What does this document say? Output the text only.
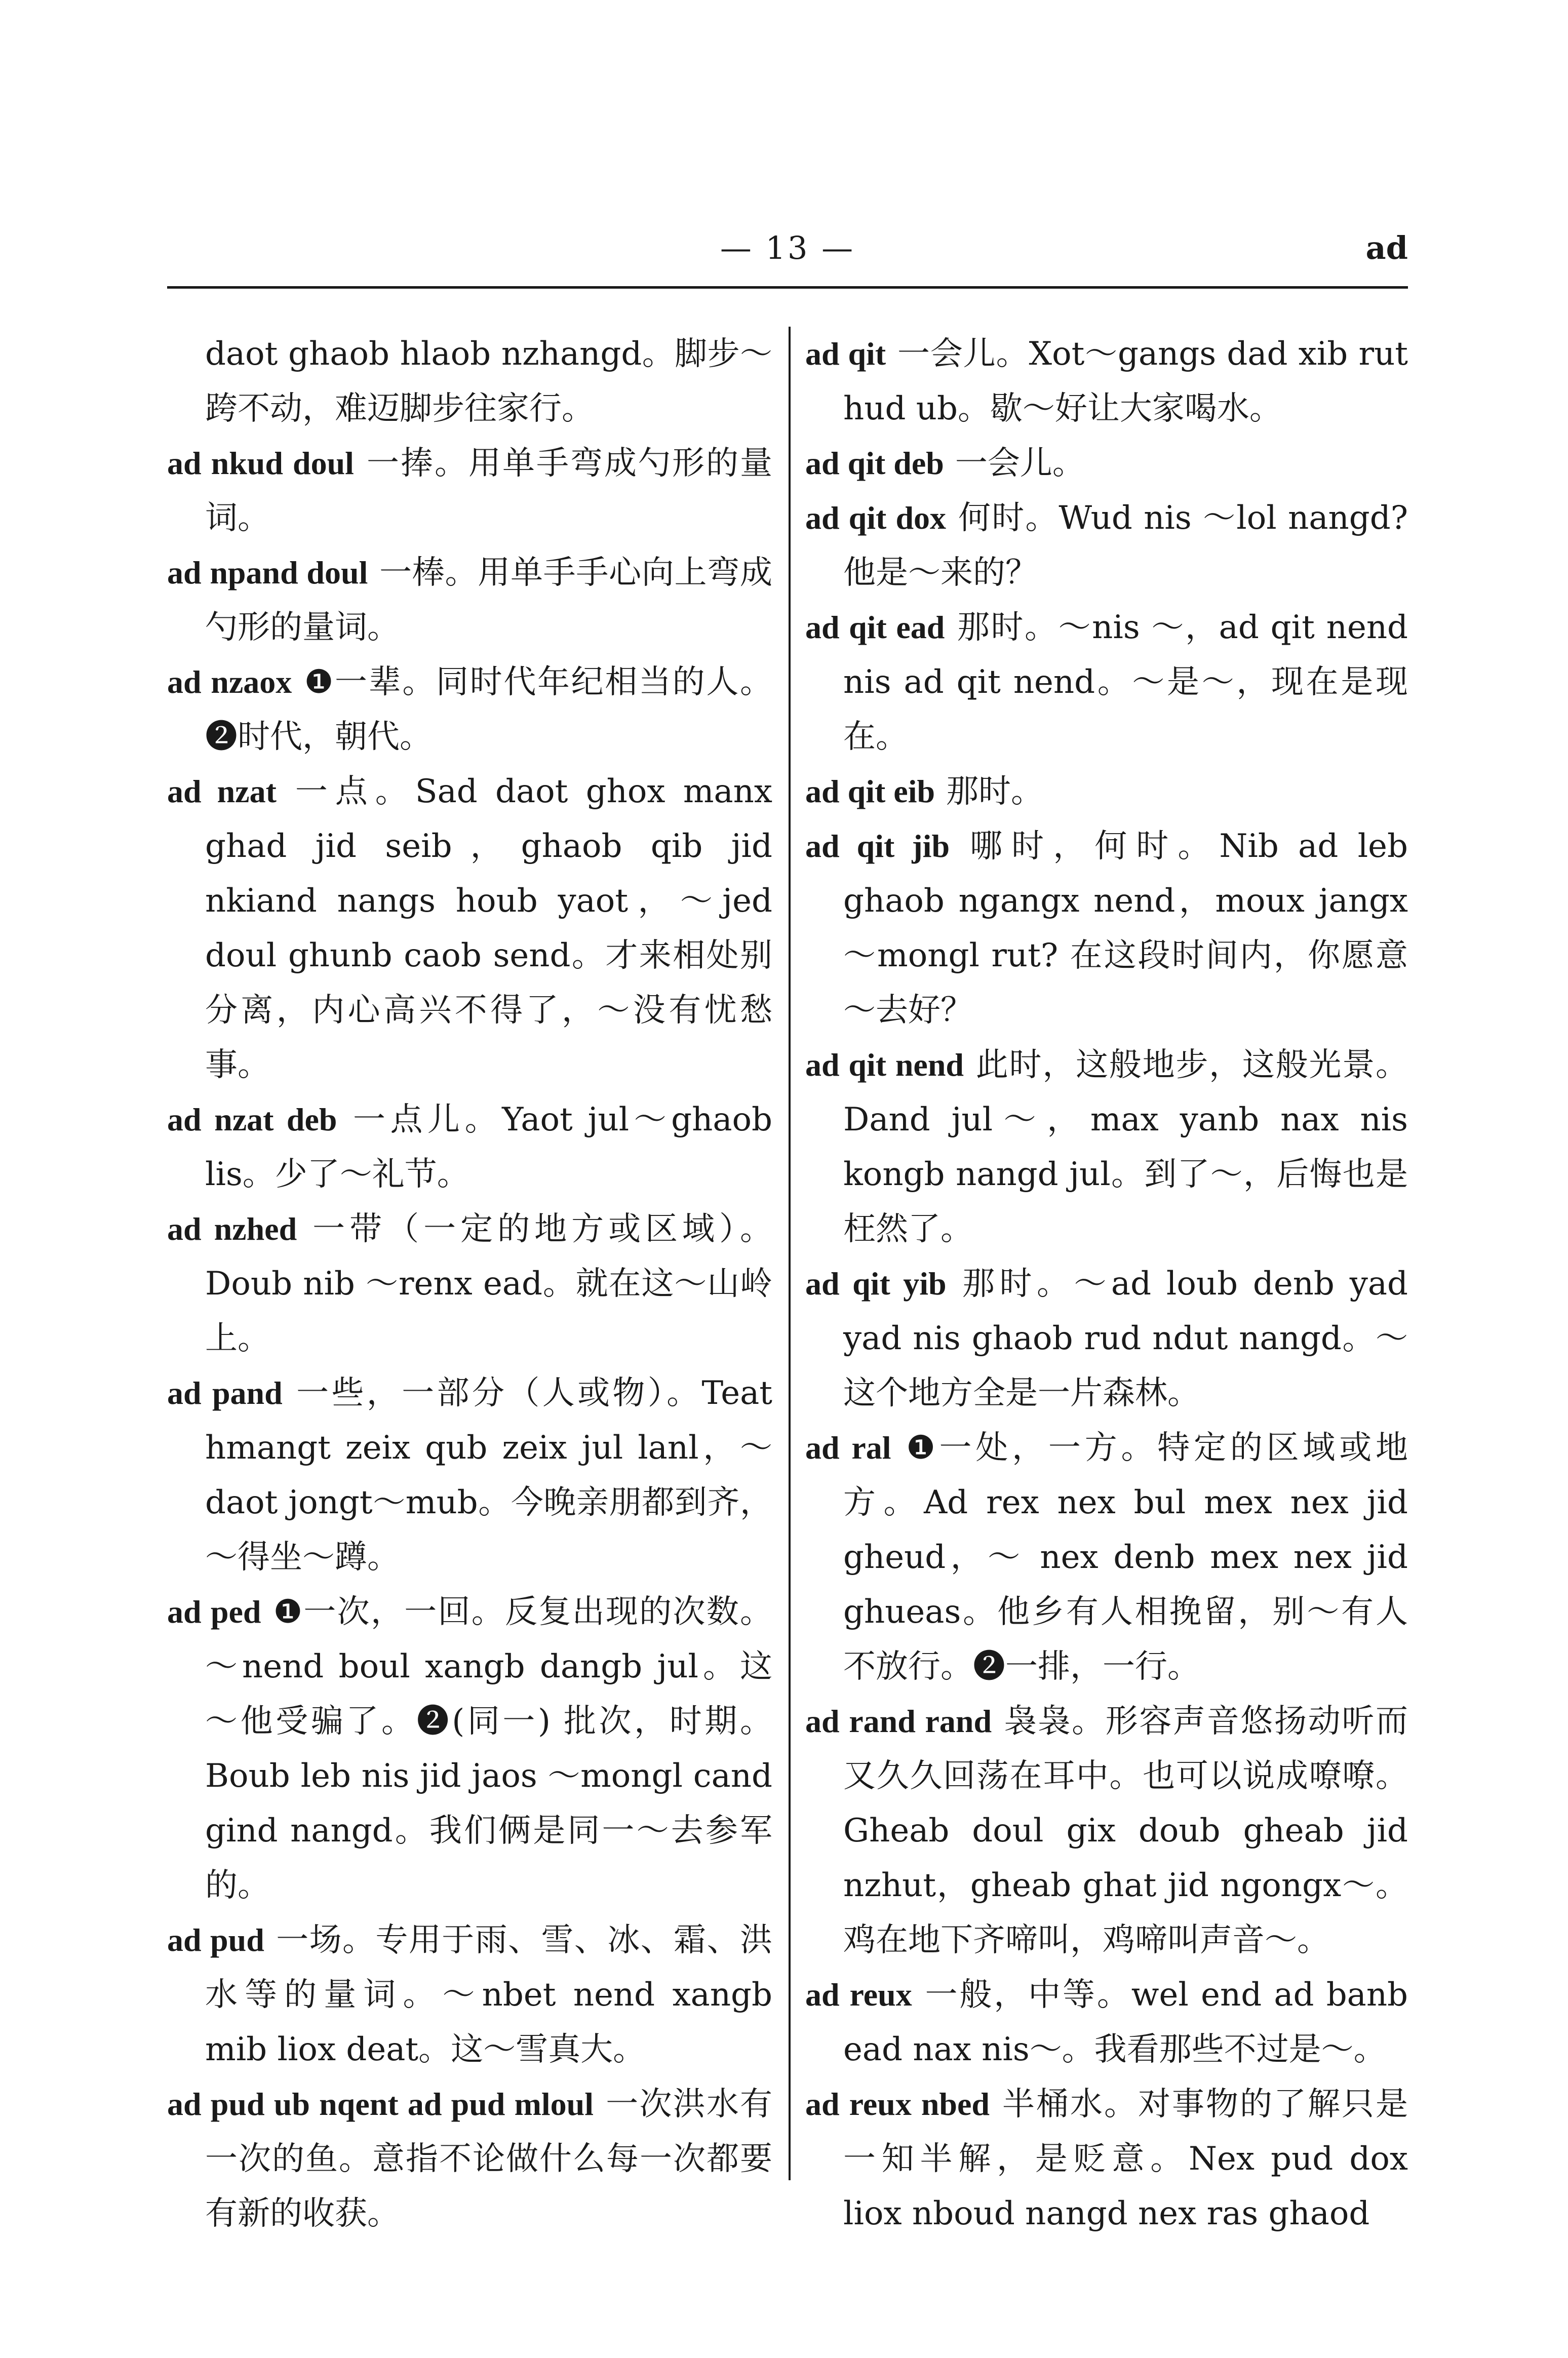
— 13 —	ad

daot ghaob hlaob nzhangd。脚步～跨不动，难迈脚步往家行。

ad nkud doul 一捧。用单手弯成勺形的量词。

ad npand doul 一棒。用单手手心向上弯成勺形的量词。

ad nzaox ❶一辈。同时代年纪相当的人。❷时代，朝代。

ad nzat 一点。Sad daot ghox manx ghad jid seib，ghaob qib jid nkiand nangs houb yaot，～jed doul ghunb caob send。才来相处别分离，内心高兴不得了，～没有忧愁事。

ad nzat deb 一点儿。Yaot jul～ghaob lis。少了～礼节。

ad nzhed 一带（一定的地方或区域）。Doub nib ～renx ead。就在这～山岭上。

ad pand 一些，一部分（人或物）。Teat hmangt zeix qub zeix jul lanl，～daot jongt～mub。今晚亲朋都到齐，～得坐～蹲。

ad ped ❶一次，一回。反复出现的次数。～nend boul xangb dangb jul。这～他受骗了。❷(同一) 批次，时期。Boub leb nis jid jaos ～mongl cand gind nangd。我们俩是同一～去参军的。

ad pud 一场。专用于雨、雪、冰、霜、洪水等的量词。～nbet nend xangb mib liox deat。这～雪真大。

ad pud ub nqent ad pud mloul 一次洪水有一次的鱼。意指不论做什么每一次都要有新的收获。

ad qit 一会儿。Xot～gangs dad xib rut hud ub。歇～好让大家喝水。

ad qit deb 一会儿。

ad qit dox 何时。Wud nis ～lol nangd? 他是～来的？

ad qit ead 那时。～nis ～，ad qit nend nis ad qit nend。～是～，现在是现在。

ad qit eib 那时。

ad qit jib 哪时，何时。Nib ad leb ghaob ngangx nend，moux jangx～mongl rut? 在这段时间内，你愿意～去好？

ad qit nend 此时，这般地步，这般光景。Dand jul～，max yanb nax nis kongb nangd jul。到了～，后悔也是枉然了。

ad qit yib 那时。～ad loub denb yad yad nis ghaob rud ndut nangd。～这个地方全是一片森林。

ad ral ❶一处，一方。特定的区域或地方。Ad rex nex bul mex nex jid gheud，～ nex denb mex nex jid ghueas。他乡有人相挽留，别～有人不放行。❷一排，一行。

ad rand rand 袅袅。形容声音悠扬动听而又久久回荡在耳中。也可以说成嘹嘹。Gheab doul gix doub gheab jid nzhut，gheab ghat jid ngongx～。鸡在地下齐啼叫，鸡啼叫声音～。

ad reux 一般，中等。wel end ad banb ead nax nis～。我看那些不过是～。

ad reux nbed 半桶水。对事物的了解只是一知半解，是贬意。Nex pud dox liox nboud nangd nex ras ghaod
